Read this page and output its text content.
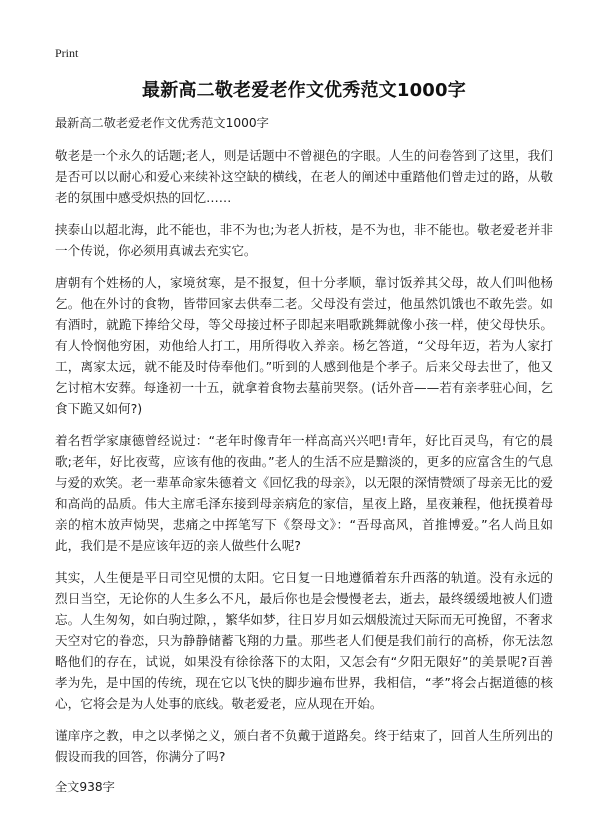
Print
最新高二敬老爱老作文优秀范文1000字
最新高二敬老爱老作文优秀范文1000字

敬老是一个永久的话题;老人，则是话题中不曾褪色的字眼。人生的问卷答到了这里，我们是否可以以耐心和爱心来续补这空缺的横线，在老人的阐述中重踏他们曾走过的路，从敬老的氛围中感受炽热的回忆……

挟泰山以超北海，此不能也，非不为也;为老人折枝，是不为也，非不能也。敬老爱老并非一个传说，你必须用真诚去充实它。

唐朝有个姓杨的人，家境贫寒，是不报复，但十分孝顺，靠讨饭养其父母，故人们叫他杨乞。他在外讨的食物，皆带回家去供奉二老。父母没有尝过，他虽然饥饿也不敢先尝。如有酒时，就跪下捧给父母，等父母接过杯子即起来唱歌跳舞就像小孩一样，使父母快乐。有人怜悯他穷困，劝他给人打工，用所得收入养亲。杨乞答道，“父母年迈，若为人家打工，离家太远，就不能及时侍奉他们。”听到的人感到他是个孝子。后来父母去世了，他又乞讨棺木安葬。每逢初一十五，就拿着食物去墓前哭祭。(话外音——若有亲孝驻心间，乞食下跪又如何?)

着名哲学家康德曾经说过：“老年时像青年一样高高兴兴吧!青年，好比百灵鸟，有它的晨歌;老年，好比夜莺，应该有他的夜曲。”老人的生活不应是黯淡的，更多的应富含生的气息与爱的欢笑。老一辈革命家朱德着文《回忆我的母亲》，以无限的深情赞颂了母亲无比的爱和高尚的品质。伟大主席毛泽东接到母亲病危的家信，星夜上路，星夜兼程，他抚摸着母亲的棺木放声恸哭，悲痛之中挥笔写下《祭母文》：“吾母高风，首推博爱。”名人尚且如此，我们是不是应该年迈的亲人做些什么呢?

其实，人生便是平日司空见惯的太阳。它日复一日地遵循着东升西落的轨道。没有永远的烈日当空，无论你的人生多么不凡，最后你也是会慢慢老去，逝去，最终缓缓地被人们遗忘。人生匆匆，如白驹过隙，，繁华如梦，往日岁月如云烟般流过天际而无可挽留，不奢求天空对它的眷恋，只为静静储蓄飞翔的力量。那些老人们便是我们前行的高桥，你无法忽略他们的存在，试说，如果没有徐徐落下的太阳，又怎会有“夕阳无限好”的美景呢?百善孝为先，是中国的传统，现在它以飞快的脚步遍布世界，我相信，“孝”将会占据道德的核心，它将会是为人处事的底线。敬老爱老，应从现在开始。

谨庠序之教，申之以孝悌之义，颁白者不负戴于道路矣。终于结束了，回首人生所列出的假设而我的回答，你满分了吗?

全文938字
